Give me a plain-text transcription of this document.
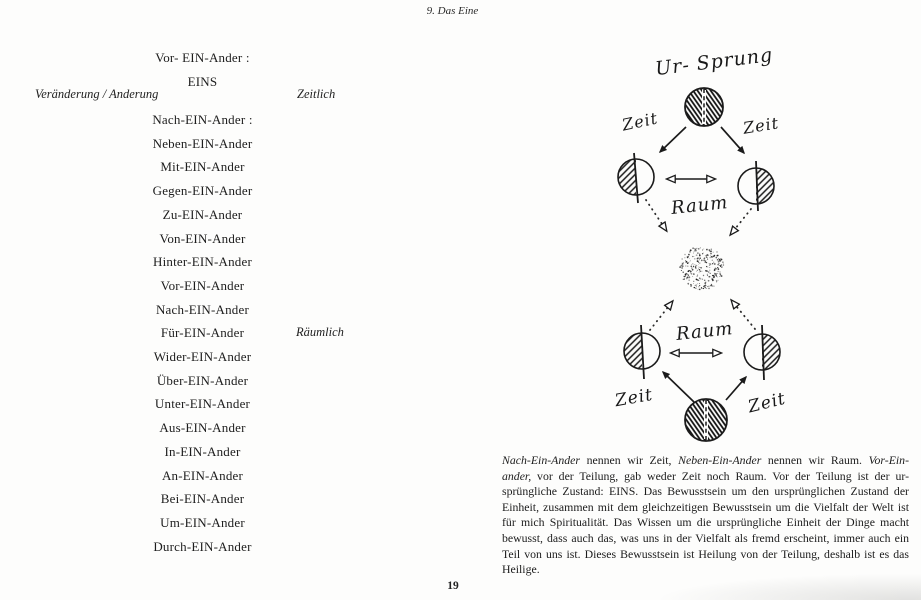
9. Das Eine
Vor- EIN-Ander :
EINS
Veränderung / Anderung	Zeitlich
Nach-EIN-Ander :
Neben-EIN-Ander
Mit-EIN-Ander
Gegen-EIN-Ander
Zu-EIN-Ander
Von-EIN-Ander
Hinter-EIN-Ander
Vor-EIN-Ander
Nach-EIN-Ander
Für-EIN-Ander
Wider-EIN-Ander
Über-EIN-Ander
Unter-EIN-Ander
Aus-EIN-Ander
In-EIN-Ander
An-EIN-Ander
Bei-EIN-Ander
Um-EIN-Ander
Durch-EIN-Ander
Räumlich
Ur- Sprung
Zeit	Zeit
Raum
Raum
Zeit	Zeit
Nach-Ein-Ander nennen wir Zeit, Neben-Ein-Ander nennen wir Raum. Vor-Ein-ander, vor der Teilung, gab weder Zeit noch Raum. Vor der Teilung ist der ur-sprüngliche Zustand: EINS. Das Bewusstsein um den ursprünglichen Zustand der Einheit, zusammen mit dem gleichzeitigen Bewusstsein um die Vielfalt der Welt ist für mich Spiritualität. Das Wissen um die ursprüngliche Einheit der Dinge macht bewusst, dass auch das, was uns in der Vielfalt als fremd erscheint, immer auch ein Teil von uns ist. Dieses Bewusstsein ist Heilung von der Teilung, deshalb ist es das Heilige.
19
